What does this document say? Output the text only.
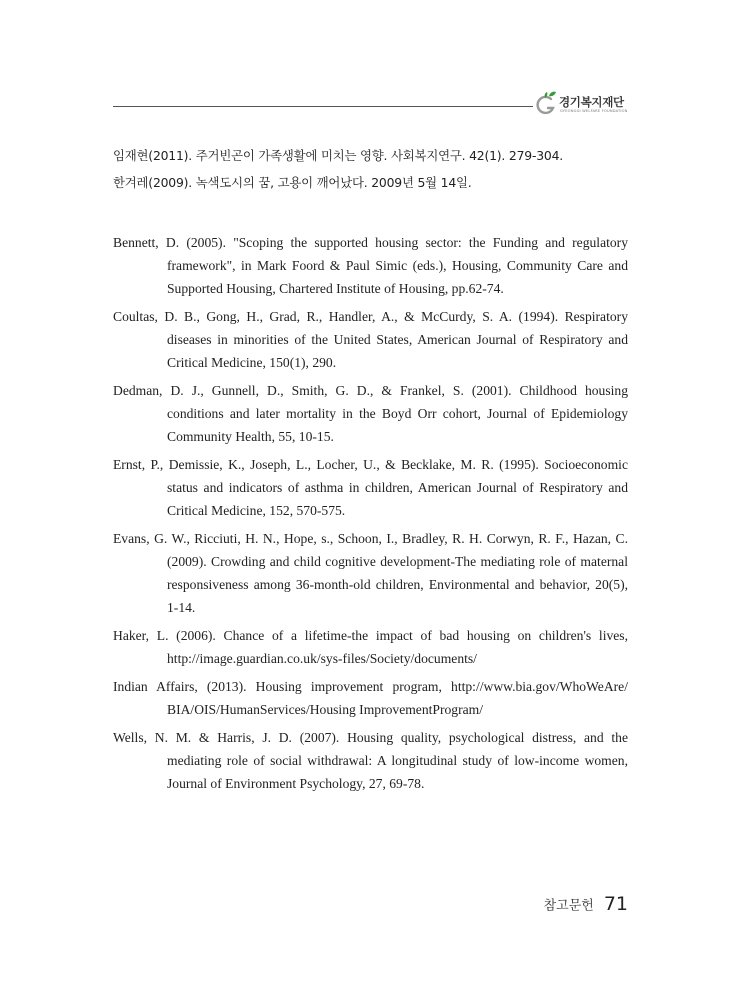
경기복지재단
GYEONGGI WELFARE FOUNDATION

임재현(2011). 주거빈곤이 가족생활에 미치는 영향. 사회복지연구. 42(1). 279-304.

한겨레(2009). 녹색도시의 꿈, 고용이 깨어났다. 2009년 5월 14일.

Bennett, D. (2005). "Scoping the supported housing sector: the Funding and regulatory framework", in Mark Foord & Paul Simic (eds.), Housing, Community Care and Supported Housing, Chartered Institute of Housing, pp.62-74.

Coultas, D. B., Gong, H., Grad, R., Handler, A., & McCurdy, S. A. (1994). Respiratory diseases in minorities of the United States, American Journal of Respiratory and Critical Medicine, 150(1), 290.

Dedman, D. J., Gunnell, D., Smith, G. D., & Frankel, S. (2001). Childhood housing conditions and later mortality in the Boyd Orr cohort, Journal of Epidemiology Community Health, 55, 10-15.

Ernst, P., Demissie, K., Joseph, L., Locher, U., & Becklake, M. R. (1995). Socioeconomic status and indicators of asthma in children, American Journal of Respiratory and Critical Medicine, 152, 570-575.

Evans, G. W., Ricciuti, H. N., Hope, s., Schoon, I., Bradley, R. H. Corwyn, R. F., Hazan, C. (2009). Crowding and child cognitive development-The mediating role of maternal responsiveness among 36-month-old children, Environmental and behavior, 20(5), 1-14.

Haker, L. (2006). Chance of a lifetime-the impact of bad housing on children's lives, http://image.guardian.co.uk/sys-files/Society/documents/

Indian Affairs, (2013). Housing improvement program, http://www.bia.gov/WhoWeAre/ BIA/OIS/HumanServices/Housing ImprovementProgram/

Wells, N. M. & Harris, J. D. (2007). Housing quality, psychological distress, and the mediating role of social withdrawal: A longitudinal study of low-income women, Journal of Environment Psychology, 27, 69-78.

참고문헌 71
